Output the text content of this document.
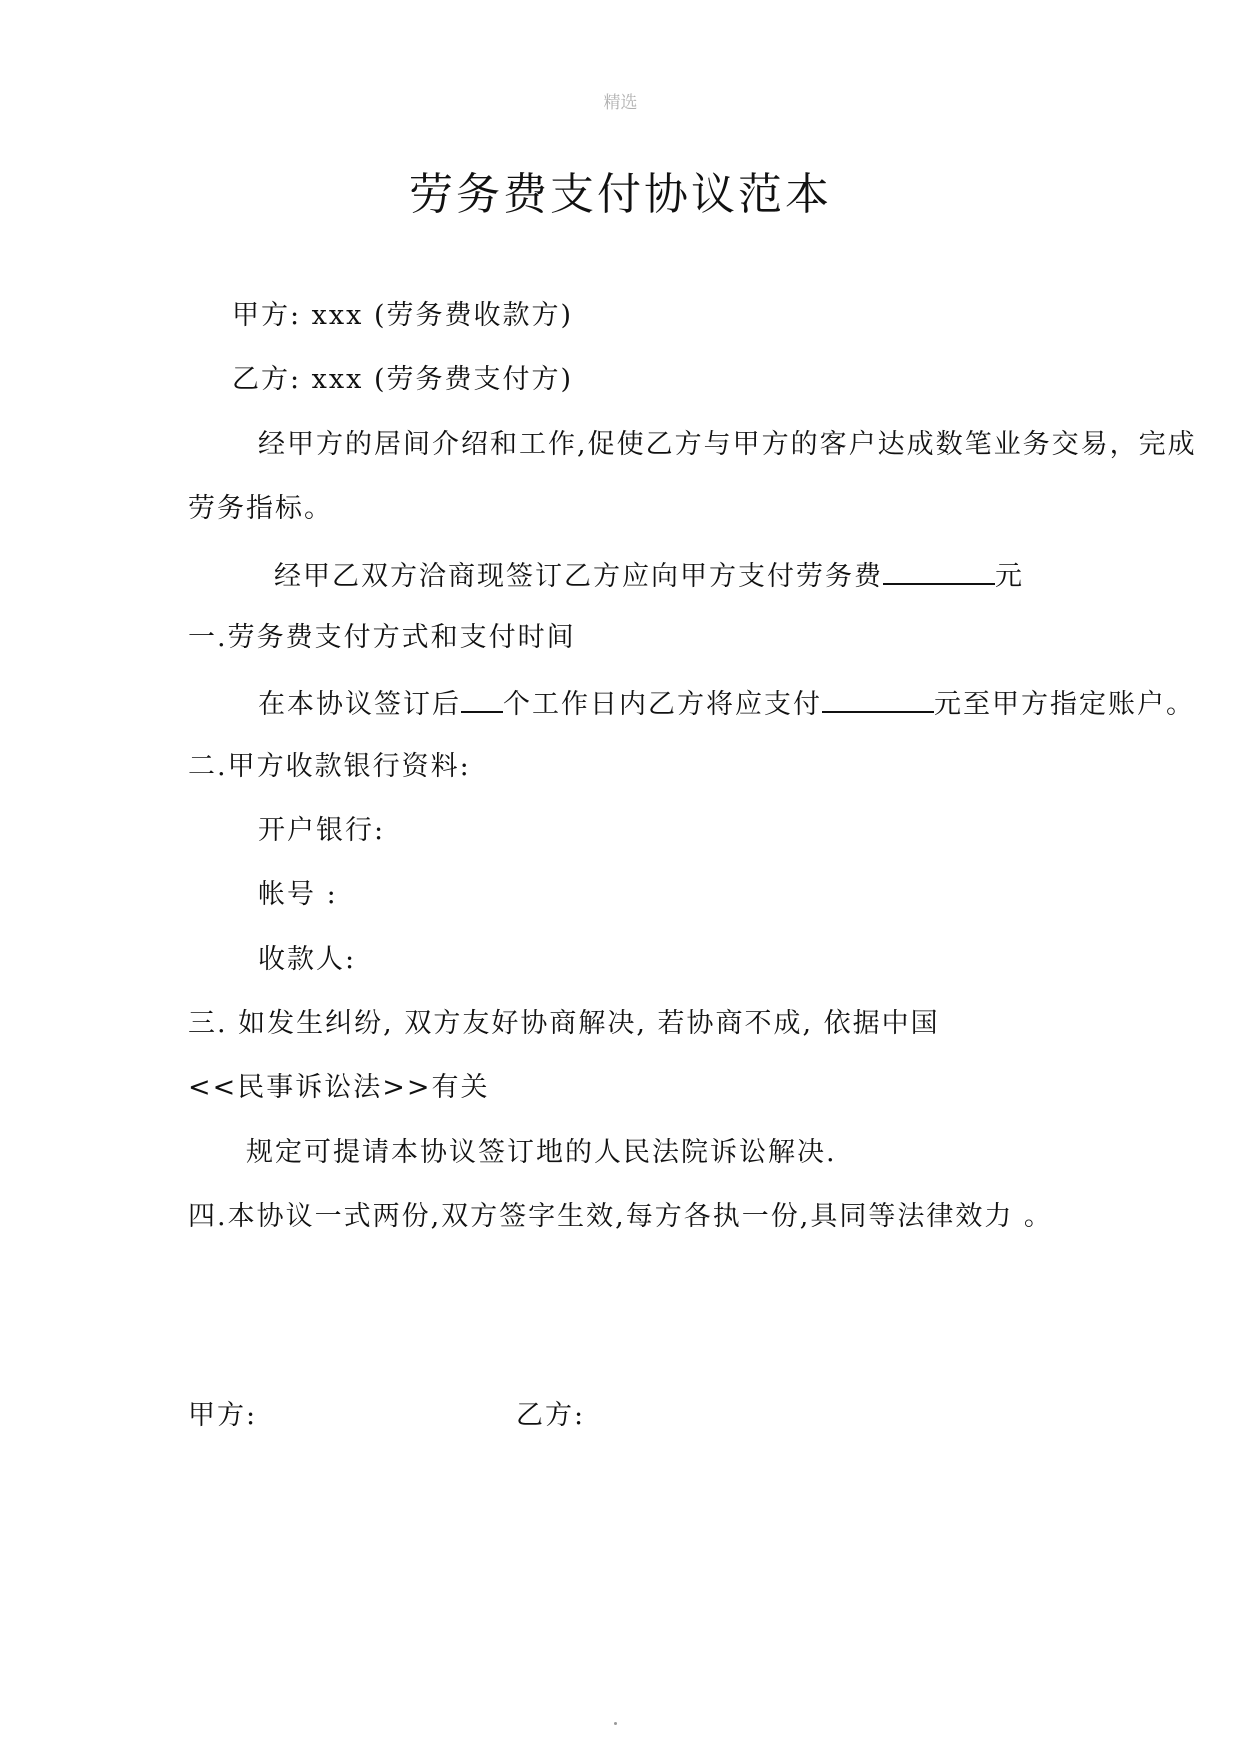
精选
劳务费支付协议范本
甲方: xxx (劳务费收款方)
乙方: xxx (劳务费支付方)
经甲方的居间介绍和工作,促使乙方与甲方的客户达成数笔业务交易，完成
劳务指标。
经甲乙双方洽商现签订乙方应向甲方支付劳务费	元
一.劳务费支付方式和支付时间
在本协议签订后 个工作日内乙方将应支付	元至甲方指定账户。
二.甲方收款银行资料:
开户银行:
帐号 :
收款人:
三. 如发生纠纷, 双方友好协商解决, 若协商不成, 依据中国
<<民事诉讼法>>有关
规定可提请本协议签订地的人民法院诉讼解决.
四.本协议一式两份,双方签字生效,每方各执一份,具同等法律效力 。
甲方:	乙方:
